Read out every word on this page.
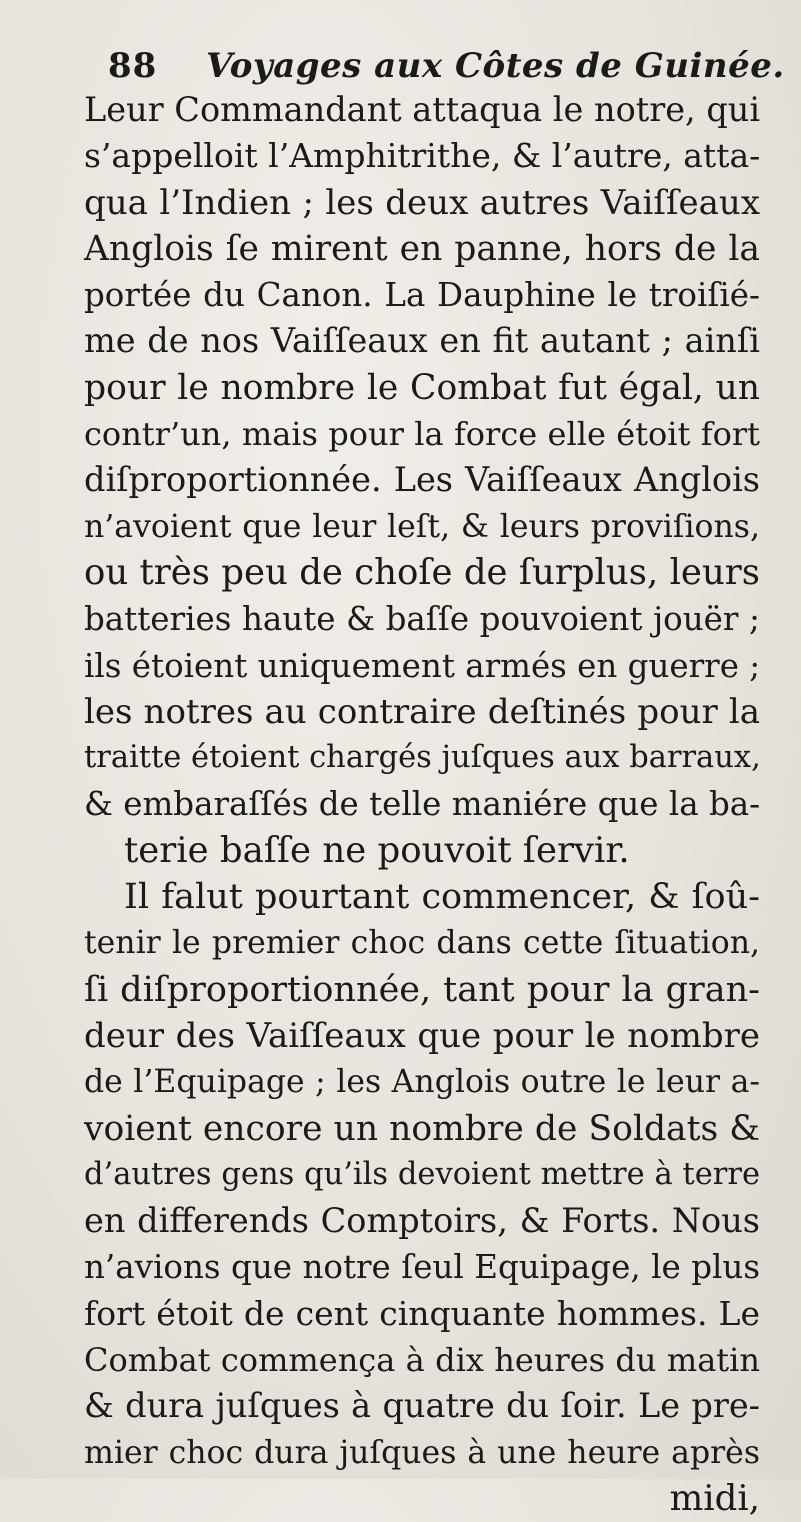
88 Voyages aux Côtes de Guinée.
Leur Commandant attaqua le notre, qui
s’appelloit l’Amphitrithe, & l’autre, atta-
qua l’Indien ; les deux autres Vaiſſeaux
Anglois ſe mirent en panne, hors de la
portée du Canon. La Dauphine le troiſié-
me de nos Vaiſſeaux en fit autant ; ainſi
pour le nombre le Combat fut égal, un
contr’un, mais pour la force elle étoit fort
diſproportionnée. Les Vaiſſeaux Anglois
n’avoient que leur leſt, & leurs proviſions,
ou très peu de choſe de ſurplus, leurs
batteries haute & baſſe pouvoient jouër ;
ils étoient uniquement armés en guerre ;
les notres au contraire deſtinés pour la
traitte étoient chargés juſques aux barraux,
& embaraſſés de telle maniére que la ba-
terie baſſe ne pouvoit ſervir.
Il falut pourtant commencer, & ſoû-
tenir le premier choc dans cette ſituation,
ſi diſproportionnée, tant pour la gran-
deur des Vaiſſeaux que pour le nombre
de l’Equipage ; les Anglois outre le leur a-
voient encore un nombre de Soldats &
d’autres gens qu’ils devoient mettre à terre
en differends Comptoirs, & Forts. Nous
n’avions que notre ſeul Equipage, le plus
fort étoit de cent cinquante hommes. Le
Combat commença à dix heures du matin
& dura juſques à quatre du ſoir. Le pre-
mier choc dura juſques à une heure après
midi,
